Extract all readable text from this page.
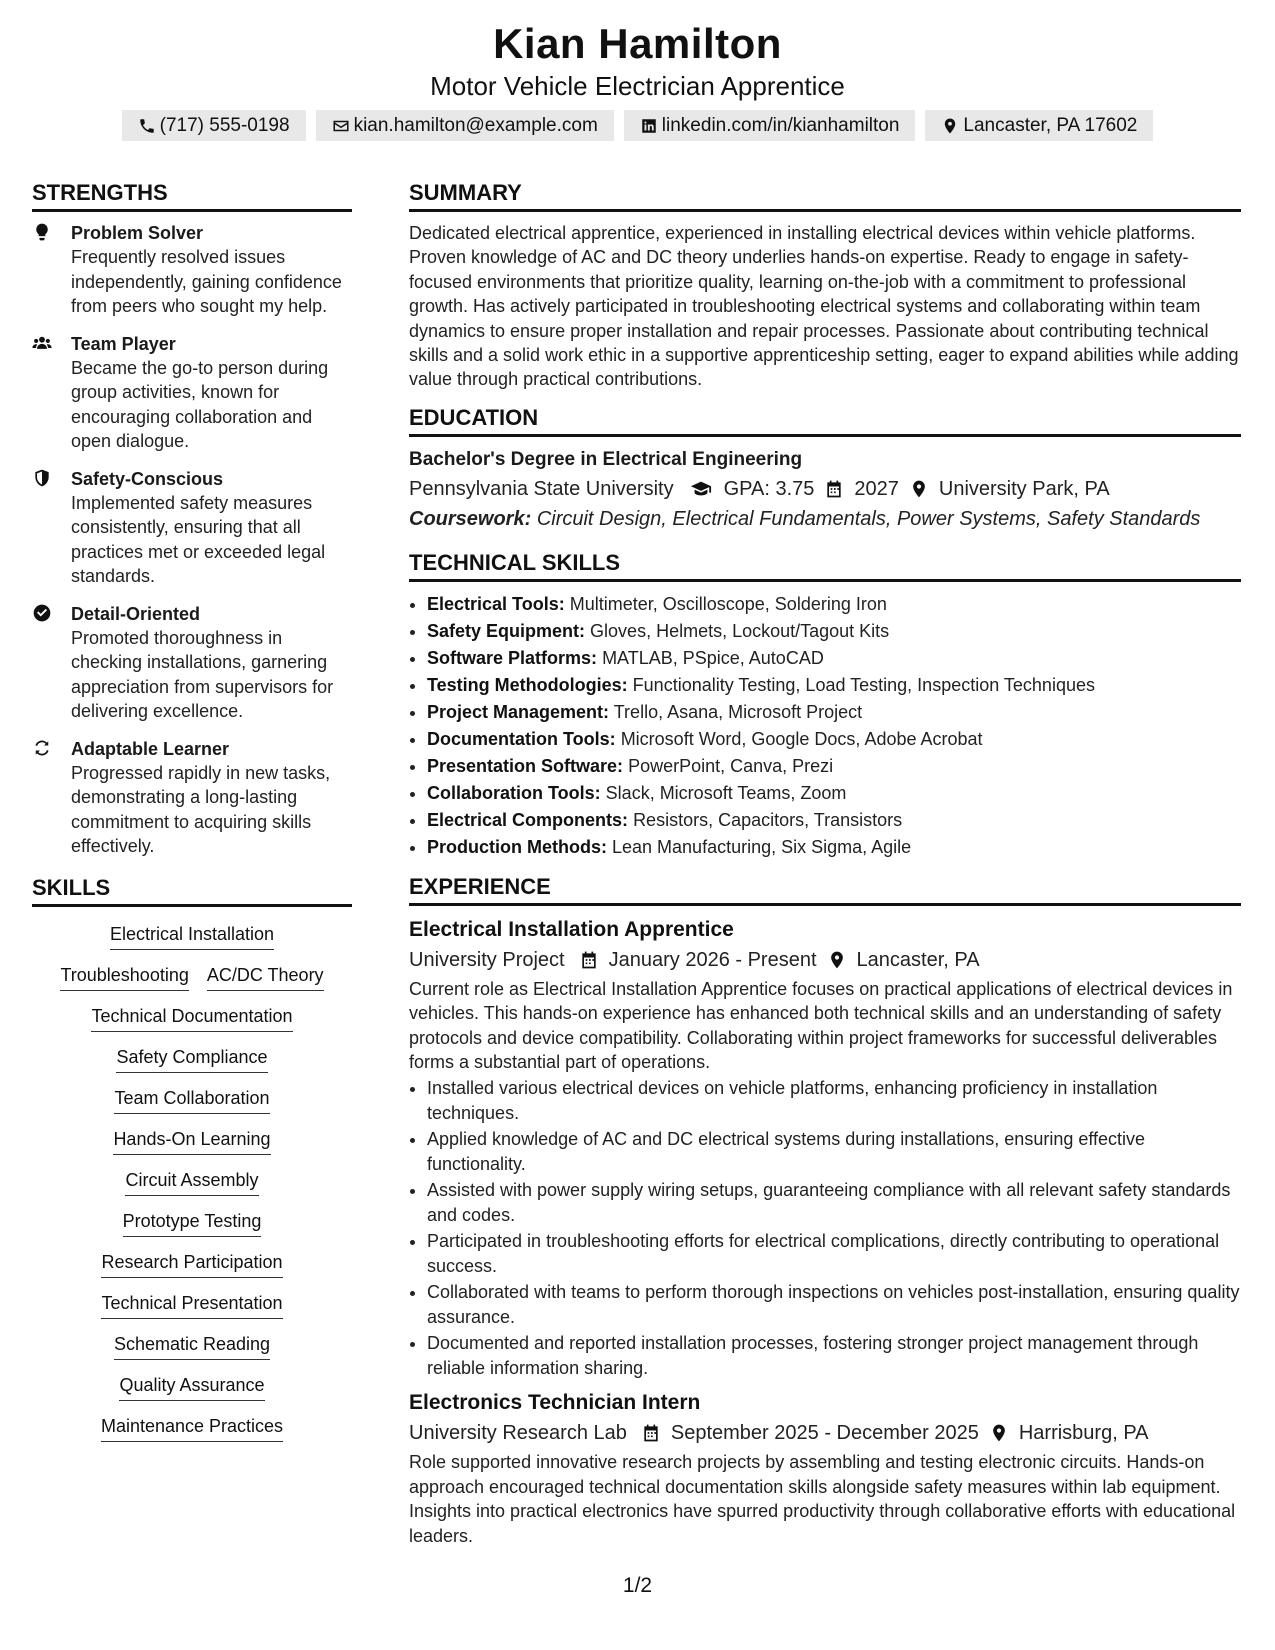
Kian Hamilton
Motor Vehicle Electrician Apprentice
(717) 555-0198	kian.hamilton@example.com	linkedin.com/in/kianhamilton	Lancaster, PA 17602
STRENGTHS
Problem Solver
Frequently resolved issues independently, gaining confidence from peers who sought my help.
Team Player
Became the go-to person during group activities, known for encouraging collaboration and open dialogue.
Safety-Conscious
Implemented safety measures consistently, ensuring that all practices met or exceeded legal standards.
Detail-Oriented
Promoted thoroughness in checking installations, garnering appreciation from supervisors for delivering excellence.
Adaptable Learner
Progressed rapidly in new tasks, demonstrating a long-lasting commitment to acquiring skills effectively.
SKILLS
Electrical Installation
Troubleshooting AC/DC Theory
Technical Documentation
Safety Compliance
Team Collaboration
Hands-On Learning
Circuit Assembly
Prototype Testing
Research Participation
Technical Presentation
Schematic Reading
Quality Assurance
Maintenance Practices
SUMMARY
Dedicated electrical apprentice, experienced in installing electrical devices within vehicle platforms. Proven knowledge of AC and DC theory underlies hands-on expertise. Ready to engage in safety-focused environments that prioritize quality, learning on-the-job with a commitment to professional growth. Has actively participated in troubleshooting electrical systems and collaborating within team dynamics to ensure proper installation and repair processes. Passionate about contributing technical skills and a solid work ethic in a supportive apprenticeship setting, eager to expand abilities while adding value through practical contributions.
EDUCATION
Bachelor's Degree in Electrical Engineering
Pennsylvania State University	GPA: 3.75 2027 University Park, PA
Coursework: Circuit Design, Electrical Fundamentals, Power Systems, Safety Standards
TECHNICAL SKILLS
• Electrical Tools: Multimeter, Oscilloscope, Soldering Iron
• Safety Equipment: Gloves, Helmets, Lockout/Tagout Kits
• Software Platforms: MATLAB, PSpice, AutoCAD
• Testing Methodologies: Functionality Testing, Load Testing, Inspection Techniques
• Project Management: Trello, Asana, Microsoft Project
• Documentation Tools: Microsoft Word, Google Docs, Adobe Acrobat
• Presentation Software: PowerPoint, Canva, Prezi
• Collaboration Tools: Slack, Microsoft Teams, Zoom
• Electrical Components: Resistors, Capacitors, Transistors
• Production Methods: Lean Manufacturing, Six Sigma, Agile
EXPERIENCE
Electrical Installation Apprentice
University Project January 2026 - Present Lancaster, PA
Current role as Electrical Installation Apprentice focuses on practical applications of electrical devices in vehicles. This hands-on experience has enhanced both technical skills and an understanding of safety protocols and device compatibility. Collaborating within project frameworks for successful deliverables forms a substantial part of operations.
• Installed various electrical devices on vehicle platforms, enhancing proficiency in installation techniques.
• Applied knowledge of AC and DC electrical systems during installations, ensuring effective functionality.
• Assisted with power supply wiring setups, guaranteeing compliance with all relevant safety standards and codes.
• Participated in troubleshooting efforts for electrical complications, directly contributing to operational success.
• Collaborated with teams to perform thorough inspections on vehicles post-installation, ensuring quality assurance.
• Documented and reported installation processes, fostering stronger project management through reliable information sharing.
Electronics Technician Intern
University Research Lab September 2025 - December 2025 Harrisburg, PA
Role supported innovative research projects by assembling and testing electronic circuits. Hands-on approach encouraged technical documentation skills alongside safety measures within lab equipment. Insights into practical electronics have spurred productivity through collaborative efforts with educational leaders.
1/2
